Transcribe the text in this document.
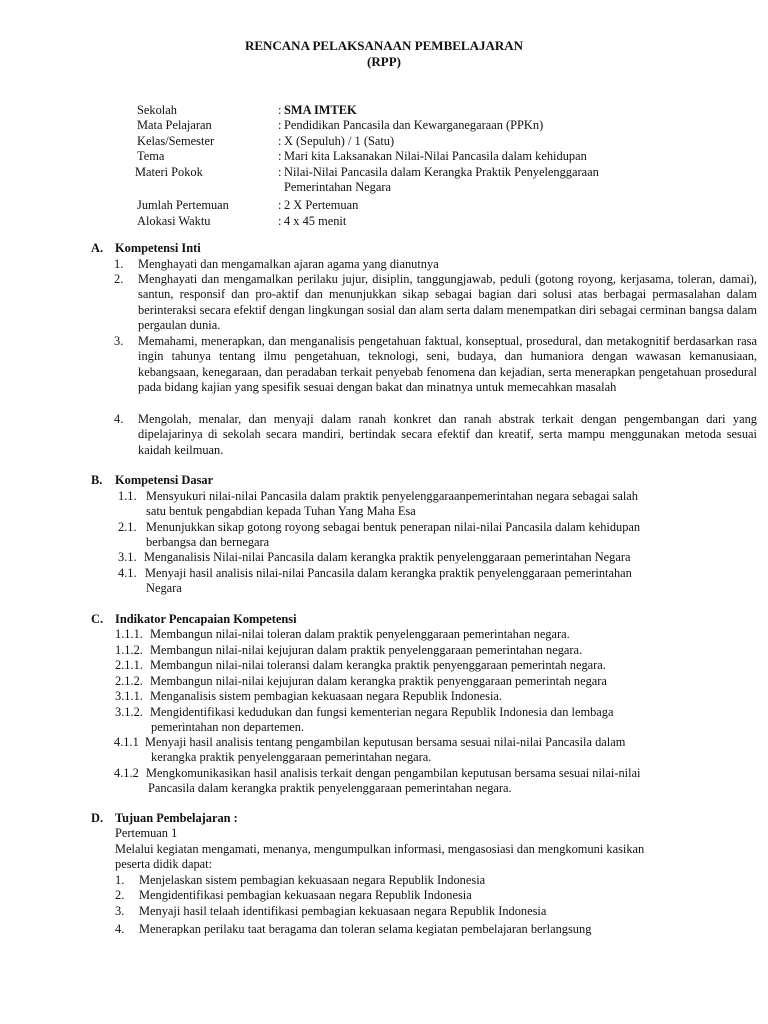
RENCANA PELAKSANAAN PEMBELAJARAN
(RPP)
Sekolah	: SMA IMTEK
Mata Pelajaran	: Pendidikan Pancasila dan Kewarganegaraan (PPKn)
Kelas/Semester	: X (Sepuluh) / 1 (Satu)
Tema	: Mari kita Laksanakan Nilai-Nilai Pancasila dalam kehidupan
Materi Pokok	: Nilai-Nilai Pancasila dalam Kerangka Praktik Penyelenggaraan
Pemerintahan Negara
Jumlah Pertemuan	: 2 X Pertemuan
Alokasi Waktu	: 4 x 45 menit
A. Kompetensi Inti
1. Menghayati dan mengamalkan ajaran agama yang dianutnya
2. Menghayati dan mengamalkan perilaku jujur, disiplin, tanggungjawab, peduli (gotong royong, kerjasama, toleran, damai), santun, responsif dan pro-aktif dan menunjukkan sikap sebagai bagian dari solusi atas berbagai permasalahan dalam berinteraksi secara efektif dengan lingkungan sosial dan alam serta dalam menempatkan diri sebagai cerminan bangsa dalam pergaulan dunia.
3. Memahami, menerapkan, dan menganalisis pengetahuan faktual, konseptual, prosedural, dan metakognitif berdasarkan rasa ingin tahunya tentang ilmu pengetahuan, teknologi, seni, budaya, dan humaniora dengan wawasan kemanusiaan, kebangsaan, kenegaraan, dan peradaban terkait penyebab fenomena dan kejadian, serta menerapkan pengetahuan prosedural pada bidang kajian yang spesifik sesuai dengan bakat dan minatnya untuk memecahkan masalah
4. Mengolah, menalar, dan menyaji dalam ranah konkret dan ranah abstrak terkait dengan pengembangan dari yang dipelajarinya di sekolah secara mandiri, bertindak secara efektif dan kreatif, serta mampu menggunakan metoda sesuai kaidah keilmuan.
B. Kompetensi Dasar
1.1. Mensyukuri nilai-nilai Pancasila dalam praktik penyelenggaraanpemerintahan negara sebagai salah
satu bentuk pengabdian kepada Tuhan Yang Maha Esa
2.1. Menunjukkan sikap gotong royong sebagai bentuk penerapan nilai-nilai Pancasila dalam kehidupan
berbangsa dan bernegara
3.1. Menganalisis Nilai-nilai Pancasila dalam kerangka praktik penyelenggaraan pemerintahan Negara
4.1. Menyaji hasil analisis nilai-nilai Pancasila dalam kerangka praktik penyelenggaraan pemerintahan
Negara
C. Indikator Pencapaian Kompetensi
1.1.1. Membangun nilai-nilai toleran dalam praktik penyelenggaraan pemerintahan negara.
1.1.2. Membangun nilai-nilai kejujuran dalam praktik penyelenggaraan pemerintahan negara.
2.1.1. Membangun nilai-nilai toleransi dalam kerangka praktik penyenggaraan pemerintah negara.
2.1.2. Membangun nilai-nilai kejujuran dalam kerangka praktik penyenggaraan pemerintah negara
3.1.1. Menganalisis sistem pembagian kekuasaan negara Republik Indonesia.
3.1.2. Mengidentifikasi kedudukan dan fungsi kementerian negara Republik Indonesia dan lembaga
pemerintahan non departemen.
4.1.1 Menyaji hasil analisis tentang pengambilan keputusan bersama sesuai nilai-nilai Pancasila dalam
kerangka praktik penyelenggaraan pemerintahan negara.
4.1.2 Mengkomunikasikan hasil analisis terkait dengan pengambilan keputusan bersama sesuai nilai-nilai
Pancasila dalam kerangka praktik penyelenggaraan pemerintahan negara.
D. Tujuan Pembelajaran :
Pertemuan 1
Melalui kegiatan mengamati, menanya, mengumpulkan informasi, mengasosiasi dan mengkomuni kasikan
peserta didik dapat:
1. Menjelaskan sistem pembagian kekuasaan negara Republik Indonesia
2. Mengidentifikasi pembagian kekuasaan negara Republik Indonesia
3. Menyaji hasil telaah identifikasi pembagian kekuasaan negara Republik Indonesia
4. Menerapkan perilaku taat beragama dan toleran selama kegiatan pembelajaran berlangsung
